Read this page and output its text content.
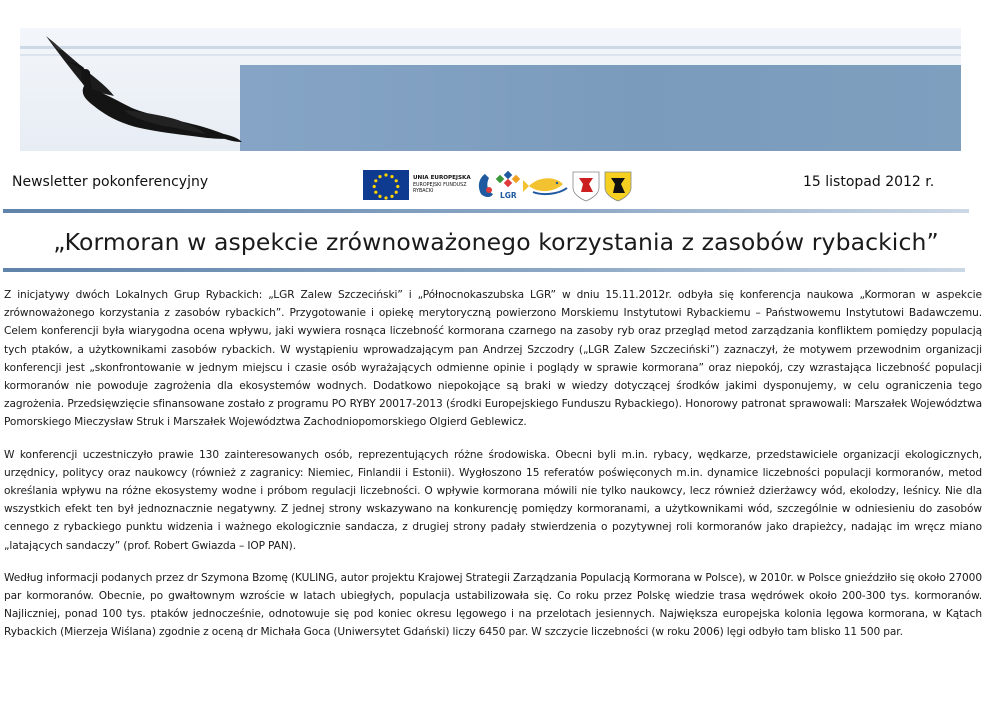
Newsletter pokonferencyjny	UNIA EUROPEJSKA
EUROPEJSKI FUNDUSZ
RYBACKI	LGR
15 listopad 2012 r.
„Kormoran w aspekcie zrównoważonego korzystania z zasobów rybackich”

Z inicjatywy dwóch Lokalnych Grup Rybackich: „LGR Zalew Szczeciński” i „Północnokaszubska LGR” w dniu 15.11.2012r. odbyła się konferencja naukowa „Kormoran w aspekcie zrównoważonego korzystania z zasobów rybackich”. Przygotowanie i opiekę merytoryczną powierzono Morskiemu Instytutowi Rybackiemu – Państwowemu Instytutowi Badawczemu. Celem konferencji była wiarygodna ocena wpływu, jaki wywiera rosnąca liczebność kormorana czarnego na zasoby ryb oraz przegląd metod zarządzania konfliktem pomiędzy populacją tych ptaków, a użytkownikami zasobów rybackich. W wystąpieniu wprowadzającym pan Andrzej Szczodry („LGR Zalew Szczeciński”) zaznaczył, że motywem przewodnim organizacji konferencji jest „skonfrontowanie w jednym miejscu i czasie osób wyrażających odmienne opinie i poglądy w sprawie kormorana” oraz niepokój, czy wzrastająca liczebność populacji kormoranów nie powoduje zagrożenia dla ekosystemów wodnych. Dodatkowo niepokojące są braki w wiedzy dotyczącej środków jakimi dysponujemy, w celu ograniczenia tego zagrożenia. Przedsięwzięcie sfinansowane zostało z programu PO RYBY 20017-2013 (środki Europejskiego Funduszu Rybackiego). Honorowy patronat sprawowali: Marszałek Województwa Pomorskiego Mieczysław Struk i Marszałek Województwa Zachodniopomorskiego Olgierd Geblewicz.

W konferencji uczestniczyło prawie 130 zainteresowanych osób, reprezentujących różne środowiska. Obecni byli m.in. rybacy, wędkarze, przedstawiciele organizacji ekologicznych, urzędnicy, politycy oraz naukowcy (również z zagranicy: Niemiec, Finlandii i Estonii). Wygłoszono 15 referatów poświęconych m.in. dynamice liczebności populacji kormoranów, metod określania wpływu na różne ekosystemy wodne i próbom regulacji liczebności. O wpływie kormorana mówili nie tylko naukowcy, lecz również dzierżawcy wód, ekolodzy, leśnicy. Nie dla wszystkich efekt ten był jednoznacznie negatywny. Z jednej strony wskazywano na konkurencję pomiędzy kormoranami, a użytkownikami wód, szczególnie w odniesieniu do zasobów cennego z rybackiego punktu widzenia i ważnego ekologicznie sandacza, z drugiej strony padały stwierdzenia o pozytywnej roli kormoranów jako drapieżcy, nadając im wręcz miano „latających sandaczy” (prof. Robert Gwiazda – IOP PAN).

Według informacji podanych przez dr Szymona Bzomę (KULING, autor projektu Krajowej Strategii Zarządzania Populacją Kormorana w Polsce), w 2010r. w Polsce gnieździło się około 27000 par kormoranów. Obecnie, po gwałtownym wzroście w latach ubiegłych, populacja ustabilizowała się. Co roku przez Polskę wiedzie trasa wędrówek około 200-300 tys. kormoranów. Najliczniej, ponad 100 tys. ptaków jednocześnie, odnotowuje się pod koniec okresu lęgowego i na przelotach jesiennych. Największa europejska kolonia lęgowa kormorana, w Kątach Rybackich (Mierzeja Wiślana) zgodnie z oceną dr Michała Goca (Uniwersytet Gdański) liczy 6450 par. W szczycie liczebności (w roku 2006) lęgi odbyło tam blisko 11 500 par.
